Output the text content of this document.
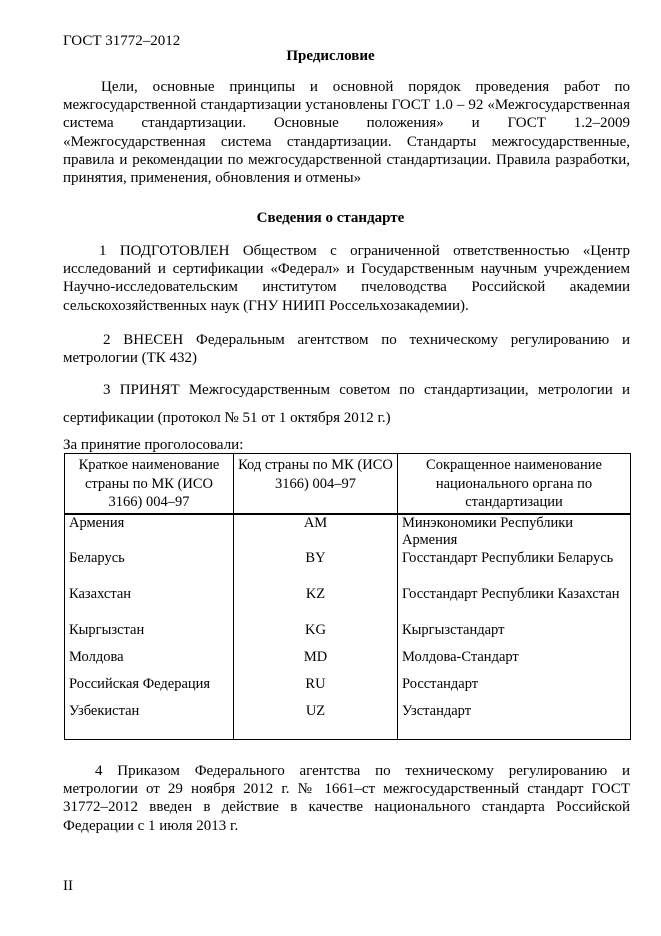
ГОСТ 31772–2012
Предисловие

Цели, основные принципы и основной порядок проведения работ по межгосударственной стандартизации установлены ГОСТ 1.0 – 92 «Межгосударственная система стандартизации. Основные положения» и ГОСТ 1.2–2009 «Межгосударственная система стандартизации. Стандарты межгосударственные, правила и рекомендации по межгосударственной стандартизации. Правила разработки, принятия, применения, обновления и отмены»

Сведения о стандарте

1 ПОДГОТОВЛЕН Обществом с ограниченной ответственностью «Центр исследований и сертификации «Федерал» и Государственным научным учреждением Научно-исследовательским институтом пчеловодства Российской академии сельскохозяйственных наук (ГНУ НИИП Россельхозакадемии).

2 ВНЕСЕН Федеральным агентством по техническому регулированию и метрологии (ТК 432)

3 ПРИНЯТ Межгосударственным советом по стандартизации, метрологии и

сертификации (протокол № 51 от 1 октября 2012 г.)

За принятие проголосовали:
Краткое наименование страны по МК (ИСО 3166) 004–97	Код страны по МК (ИСО 3166) 004–97	Сокращенное наименование национального органа по стандартизации
Армения	AM	Минэкономики Республики Армения
Беларусь	BY	Госстандарт Республики Беларусь
Казахстан	KZ	Госстандарт Республики Казахстан
Кыргызстан	KG	Кыргызстандарт
Молдова	MD	Молдова-Стандарт
Российская Федерация	RU	Росстандарт
Узбекистан	UZ	Узстандарт

4 Приказом Федерального агентства по техническому регулированию и метрологии от 29 ноября 2012 г. № 1661–ст межгосударственный стандарт ГОСТ 31772–2012 введен в действие в качестве национального стандарта Российской Федерации с 1 июля 2013 г.

II
